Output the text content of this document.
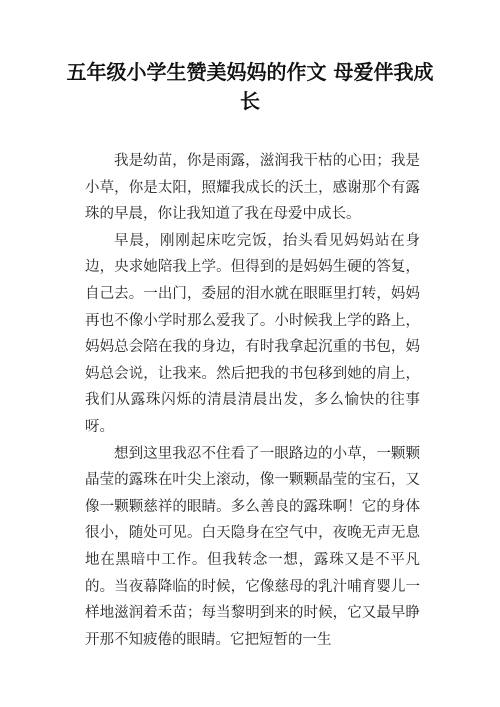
五年级小学生赞美妈妈的作文 母爱伴我成长

我是幼苗，你是雨露，滋润我干枯的心田；我是小草，你是太阳，照耀我成长的沃土，感谢那个有露珠的早晨，你让我知道了我在母爱中成长。

早晨，刚刚起床吃完饭，抬头看见妈妈站在身边，央求她陪我上学。但得到的是妈妈生硬的答复，自己去。一出门，委屈的泪水就在眼眶里打转，妈妈再也不像小学时那么爱我了。小时候我上学的路上，妈妈总会陪在我的身边，有时我拿起沉重的书包，妈妈总会说，让我来。然后把我的书包移到她的肩上，我们从露珠闪烁的清晨清晨出发，多么愉快的往事呀。

想到这里我忍不住看了一眼路边的小草，一颗颗晶莹的露珠在叶尖上滚动，像一颗颗晶莹的宝石，又像一颗颗慈祥的眼睛。多么善良的露珠啊！它的身体很小，随处可见。白天隐身在空气中，夜晚无声无息地在黑暗中工作。但我转念一想，露珠又是不平凡的。当夜幕降临的时候，它像慈母的乳汁哺育婴儿一样地滋润着禾苗；每当黎明到来的时候，它又最早睁开那不知疲倦的眼睛。它把短暂的一生
